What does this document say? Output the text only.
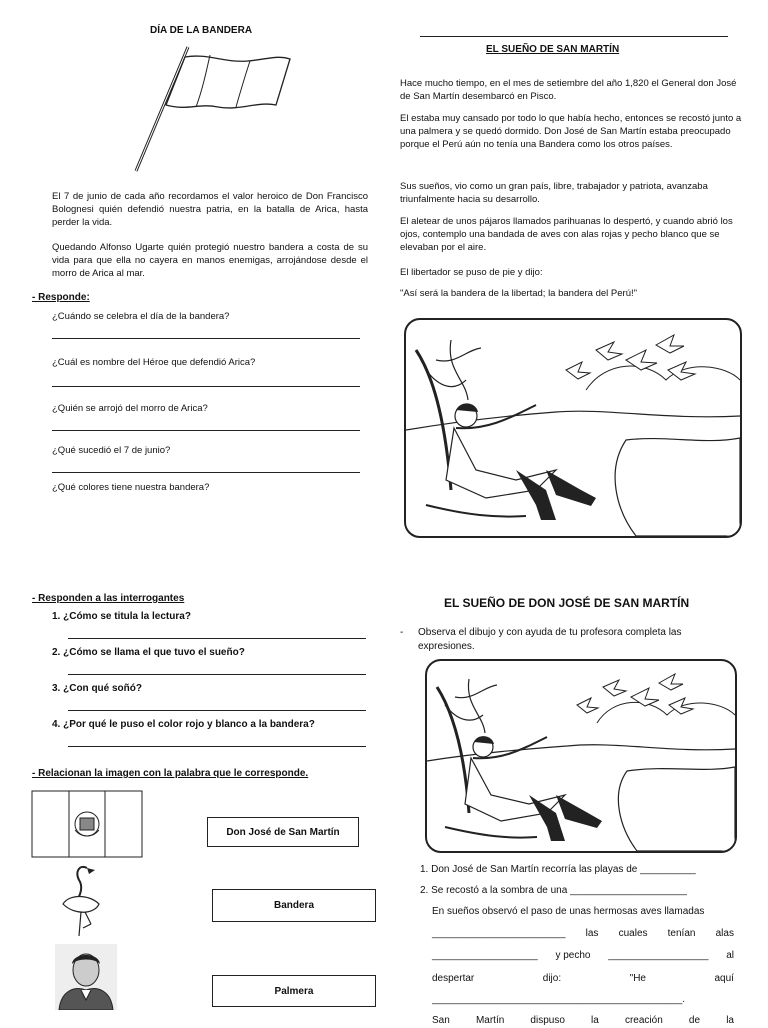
DÍA DE LA BANDERA
El 7 de junio de cada año recordamos el valor heroico de Don Francisco Bolognesi quién defendió nuestra patria, en la batalla de Arica, hasta perder la vida.
Quedando Alfonso Ugarte quién protegió nuestro bandera a costa de su vida para que ella no cayera en manos enemigas, arrojándose desde el morro de Arica al mar.
- Responde:
¿Cuándo se celebra el día de la bandera?
¿Cuál es nombre del Héroe que defendió Arica?
¿Quién se arrojó del morro de Arica?
¿Qué sucedió el 7 de junio?
¿Qué colores tiene nuestra bandera?
EL SUEÑO DE SAN MARTÍN
Hace mucho tiempo, en el mes de setiembre del año 1,820 el General don José de San Martín desembarcó en Pisco.
El estaba muy cansado por todo lo que había hecho, entonces se recostó junto a una palmera y se quedó dormido. Don José de San Martín estaba preocupado porque el Perú aún no tenía una Bandera como los otros países.
Sus sueños, vio como un gran país, libre, trabajador y patriota, avanzaba triunfalmente hacia su desarrollo.
El aletear de unos pájaros llamados parihuanas lo despertó, y cuando abrió los ojos, contemplo una bandada de aves con alas rojas y pecho blanco que se elevaban por el aire.
El libertador se puso de pie y dijo:
"Así será la bandera de la libertad; la bandera del Perú!"
- Responden a las interrogantes
1. ¿Cómo se titula la lectura?
2. ¿Cómo se llama el que tuvo el sueño?
3. ¿Con qué soñó?
4. ¿Por qué le puso el color rojo y blanco a la bandera?
- Relacionan la imagen con la palabra que le corresponde.
Don José de San Martín
Bandera
Palmera
EL SUEÑO DE DON JOSÉ DE SAN MARTÍN
- Observa el dibujo y con ayuda de tu profesora completa las expresiones.
1. Don José de San Martín recorría las playas de __________
2. Se recostó a la sombra de una _____________________
En sueños observó el paso de unas hermosas aves llamadas
________________________ las cuales tenían alas
___________________ y pecho __________________ al
despertar	dijo:	"He	aquí
_____________________________________________.
San	Martín	dispuso	la	creación	de	la
